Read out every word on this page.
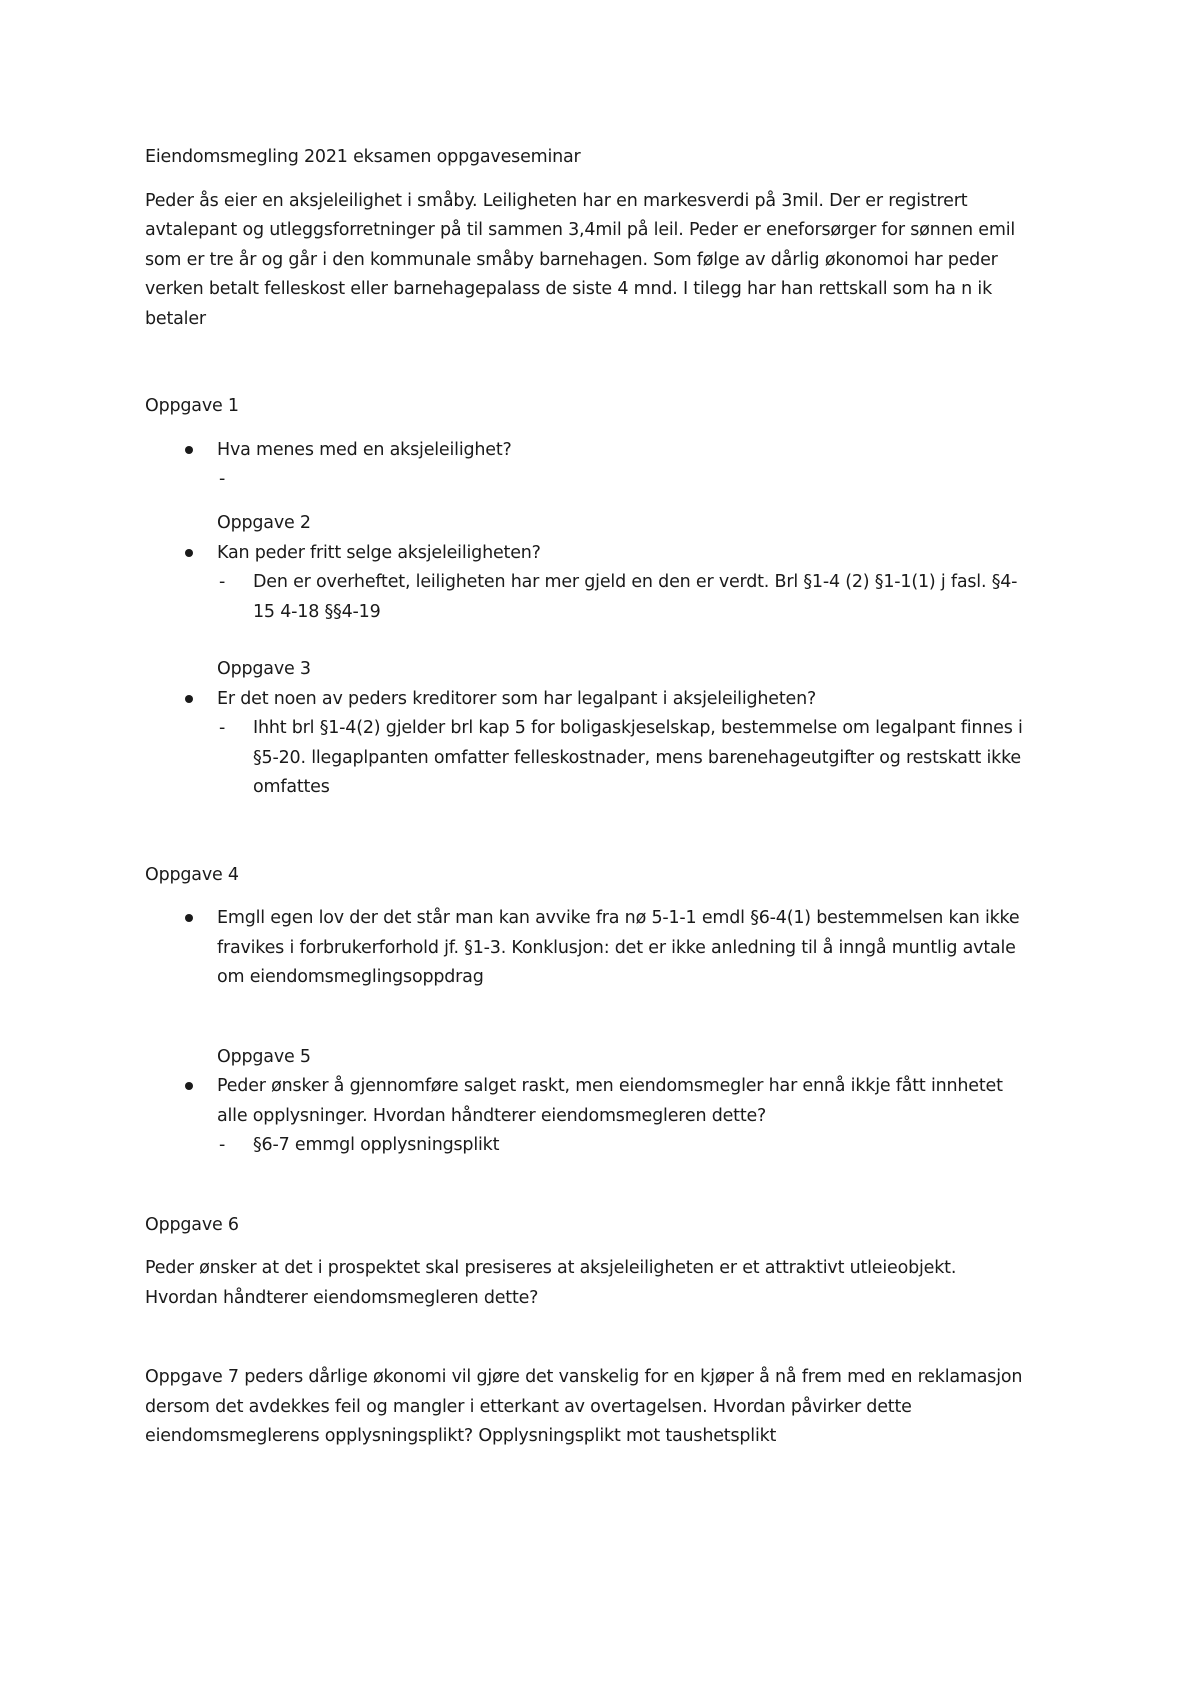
Eiendomsmegling 2021 eksamen oppgaveseminar

Peder ås eier en aksjeleilighet i småby. Leiligheten har en markesverdi på 3mil. Der er registrert

avtalepant og utleggsforretninger på til sammen 3,4mil på leil. Peder er eneforsørger for sønnen emil

som er tre år og går i den kommunale småby barnehagen. Som følge av dårlig økonomoi har peder

verken betalt felleskost eller barnehagepalass de siste 4 mnd. I tilegg har han rettskall som ha n ik

betaler

Oppgave 1

Hva menes med en aksjeleilighet?
-

Oppgave 2

Kan peder fritt selge aksjeleiligheten?
- Den er overheftet, leiligheten har mer gjeld en den er verdt. Brl §1-4 (2) §1-1(1) j fasl. §4-
15 4-18 §§4-19

Oppgave 3

Er det noen av peders kreditorer som har legalpant i aksjeleiligheten?
- Ihht brl §1-4(2) gjelder brl kap 5 for boligaskjeselskap, bestemmelse om legalpant finnes i
§5-20. llegaplpanten omfatter felleskostnader, mens barenehageutgifter og restskatt ikke
omfattes

Oppgave 4

Emgll egen lov der det står man kan avvike fra nø 5-1-1 emdl §6-4(1) bestemmelsen kan ikke
fravikes i forbrukerforhold jf. §1-3. Konklusjon: det er ikke anledning til å inngå muntlig avtale
om eiendomsmeglingsoppdrag

Oppgave 5

Peder ønsker å gjennomføre salget raskt, men eiendomsmegler har ennå ikkje fått innhetet
alle opplysninger. Hvordan håndterer eiendomsmegleren dette?
- §6-7 emmgl opplysningsplikt

Oppgave 6

Peder ønsker at det i prospektet skal presiseres at aksjeleiligheten er et attraktivt utleieobjekt.

Hvordan håndterer eiendomsmegleren dette?

Oppgave 7 peders dårlige økonomi vil gjøre det vanskelig for en kjøper å nå frem med en reklamasjon

dersom det avdekkes feil og mangler i etterkant av overtagelsen. Hvordan påvirker dette

eiendomsmeglerens opplysningsplikt? Opplysningsplikt mot taushetsplikt
